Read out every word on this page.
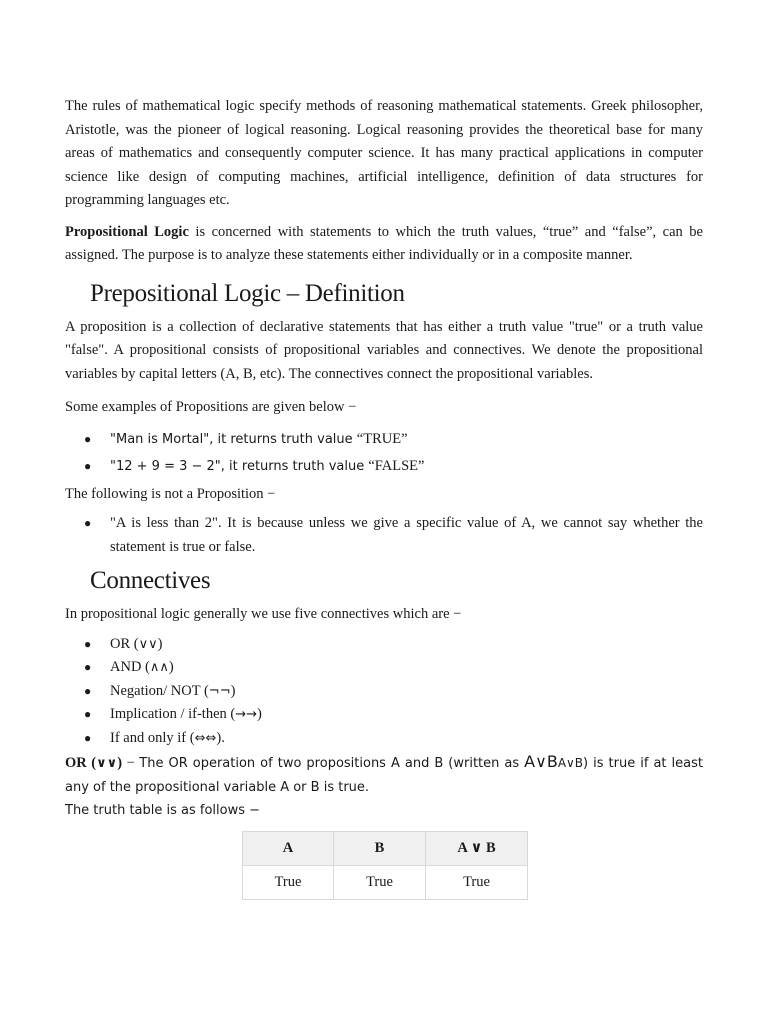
The rules of mathematical logic specify methods of reasoning mathematical statements. Greek philosopher, Aristotle, was the pioneer of logical reasoning. Logical reasoning provides the theoretical base for many areas of mathematics and consequently computer science. It has many practical applications in computer science like design of computing machines, artificial intelligence, definition of data structures for programming languages etc.

Propositional Logic is concerned with statements to which the truth values, “true” and “false”, can be assigned. The purpose is to analyze these statements either individually or in a composite manner.

Prepositional Logic – Definition

A proposition is a collection of declarative statements that has either a truth value "true" or a truth value "false". A propositional consists of propositional variables and connectives. We denote the propositional variables by capital letters (A, B, etc). The connectives connect the propositional variables.

Some examples of Propositions are given below −

● "Man is Mortal", it returns truth value “TRUE”
● "12 + 9 = 3 − 2", it returns truth value “FALSE”

The following is not a Proposition −

● "A is less than 2". It is because unless we give a specific value of A, we cannot say whether the statement is true or false.
Connectives

In propositional logic generally we use five connectives which are −

● OR (∨∨)
● AND (∧∧)
● Negation/ NOT (¬¬)
● Implication / if-then (→→)
● If and only if (⇔⇔).

OR (∨∨) − The OR operation of two propositions A and B (written as A∨BA∨B) is true if at least any of the propositional variable A or B is true.

The truth table is as follows −

A	B	A ∨ B
True	True	True
